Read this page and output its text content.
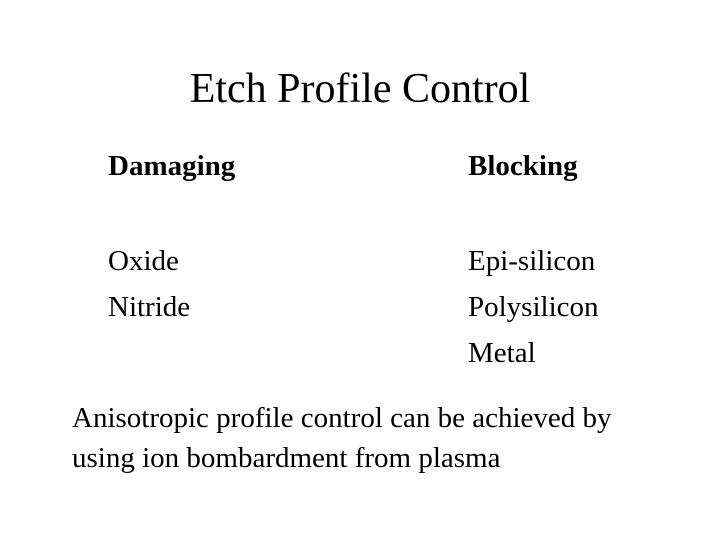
Etch Profile Control
Damaging
Oxide
Nitride
Blocking
Epi-silicon
Polysilicon
Metal

Anisotropic profile control can be achieved by
using ion bombardment from plasma
